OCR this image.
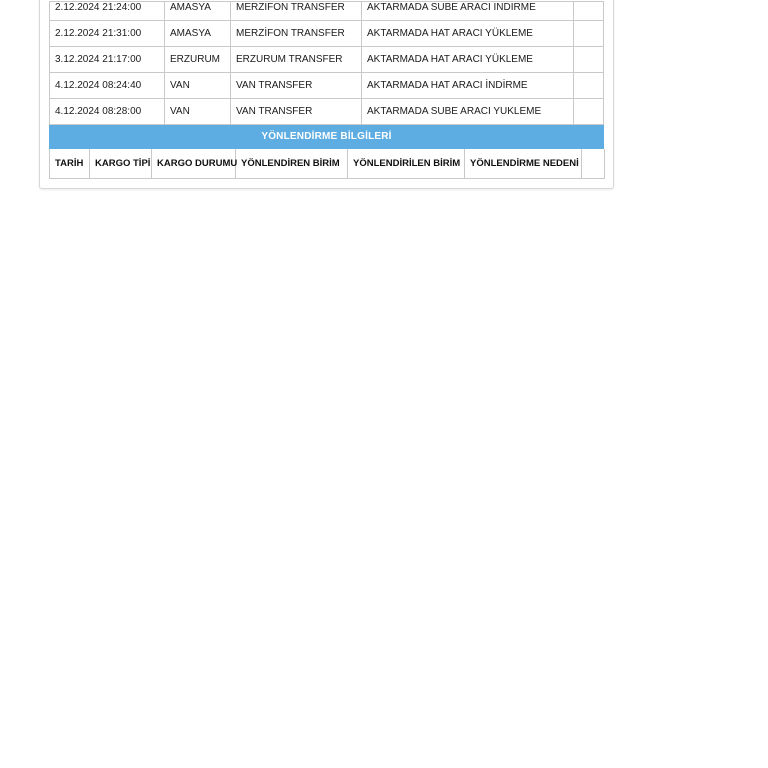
2.12.2024 21:24:00	AMASYA	MERZİFON TRANSFER	AKTARMADA SUBE ARACI INDIRME	
2.12.2024 21:31:00	AMASYA	MERZİFON TRANSFER	AKTARMADA HAT ARACI YÜKLEME	
3.12.2024 21:17:00	ERZURUM	ERZURUM TRANSFER	AKTARMADA HAT ARACI YÜKLEME	
4.12.2024 08:24:40	VAN	VAN TRANSFER	AKTARMADA HAT ARACI İNDİRME	
4.12.2024 08:28:00	VAN	VAN TRANSFER	AKTARMADA SUBE ARACI YUKLEME	
YÖNLENDİRME BİLGİLERİ
TARİH	KARGO TİPİ	KARGO DURUMU	YÖNLENDİREN BİRİM	YÖNLENDİRİLEN BİRİM	YÖNLENDİRME NEDENİ	
